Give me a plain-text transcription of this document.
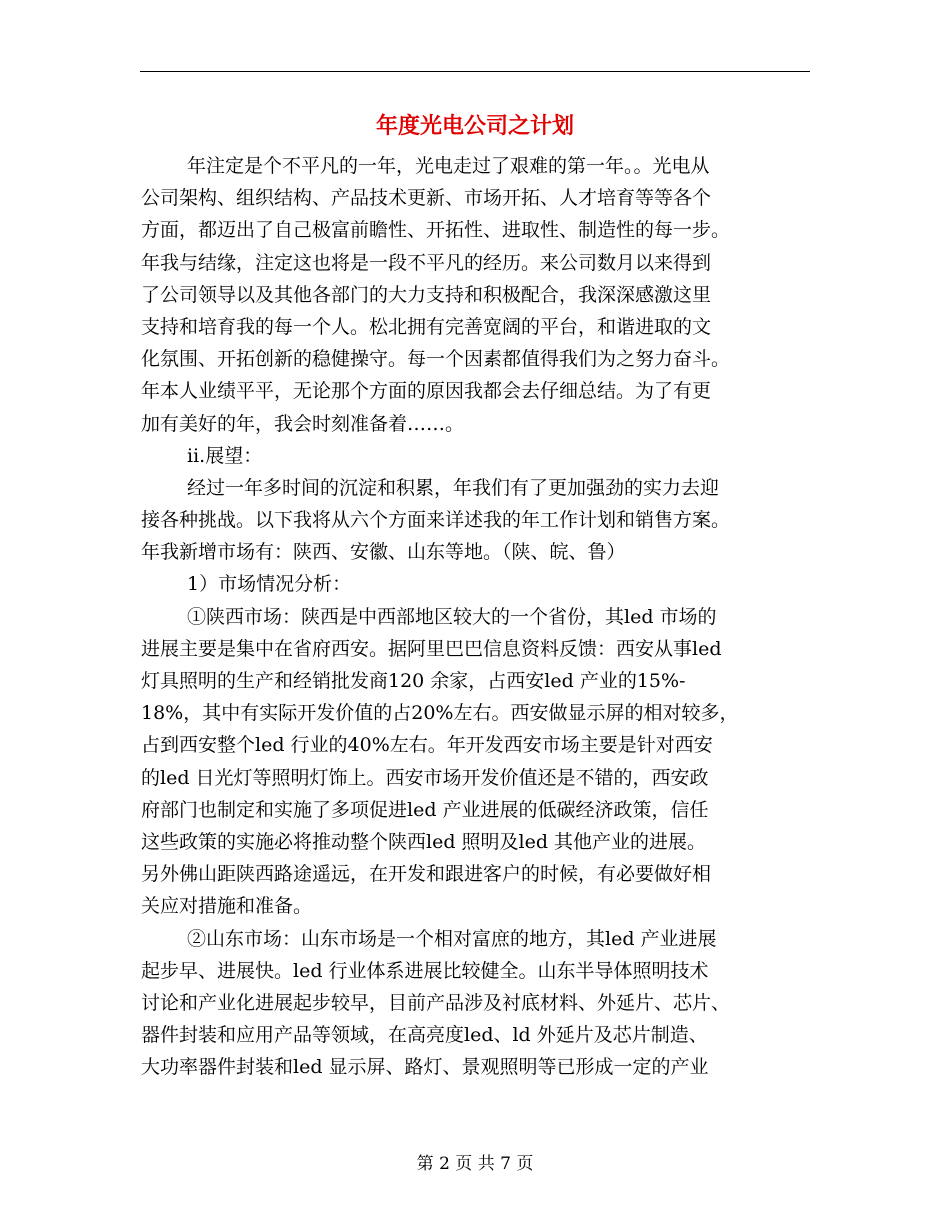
年度光电公司之计划
年注定是个不平凡的一年，光电走过了艰难的第一年。。光电从
公司架构、组织结构、产品技术更新、市场开拓、人才培育等等各个
方面，都迈出了自己极富前瞻性、开拓性、进取性、制造性的每一步。
年我与结缘，注定这也将是一段不平凡的经历。来公司数月以来得到
了公司领导以及其他各部门的大力支持和积极配合，我深深感激这里
支持和培育我的每一个人。松北拥有完善宽阔的平台，和谐进取的文
化氛围、开拓创新的稳健操守。每一个因素都值得我们为之努力奋斗。
年本人业绩平平，无论那个方面的原因我都会去仔细总结。为了有更
加有美好的年，我会时刻准备着……。
ⅱ.展望：
经过一年多时间的沉淀和积累，年我们有了更加强劲的实力去迎
接各种挑战。以下我将从六个方面来详述我的年工作计划和销售方案。
年我新增市场有：陕西、安徽、山东等地。（陕、皖、鲁）
1）市场情况分析：
①陕西市场：陕西是中西部地区较大的一个省份，其led 市场的
进展主要是集中在省府西安。据阿里巴巴信息资料反馈：西安从事led
灯具照明的生产和经销批发商120 余家，占西安led 产业的15%-
18%，其中有实际开发价值的占20%左右。西安做显示屏的相对较多，
占到西安整个led 行业的40%左右。年开发西安市场主要是针对西安
的led 日光灯等照明灯饰上。西安市场开发价值还是不错的，西安政
府部门也制定和实施了多项促进led 产业进展的低碳经济政策，信任
这些政策的实施必将推动整个陕西led 照明及led 其他产业的进展。
另外佛山距陕西路途遥远，在开发和跟进客户的时候，有必要做好相
关应对措施和准备。
②山东市场：山东市场是一个相对富庶的地方，其led 产业进展
起步早、进展快。led 行业体系进展比较健全。山东半导体照明技术
讨论和产业化进展起步较早，目前产品涉及衬底材料、外延片、芯片、
器件封装和应用产品等领域，在高亮度led、ld 外延片及芯片制造、
大功率器件封装和led 显示屏、路灯、景观照明等已形成一定的产业
第 2 页 共 7 页
